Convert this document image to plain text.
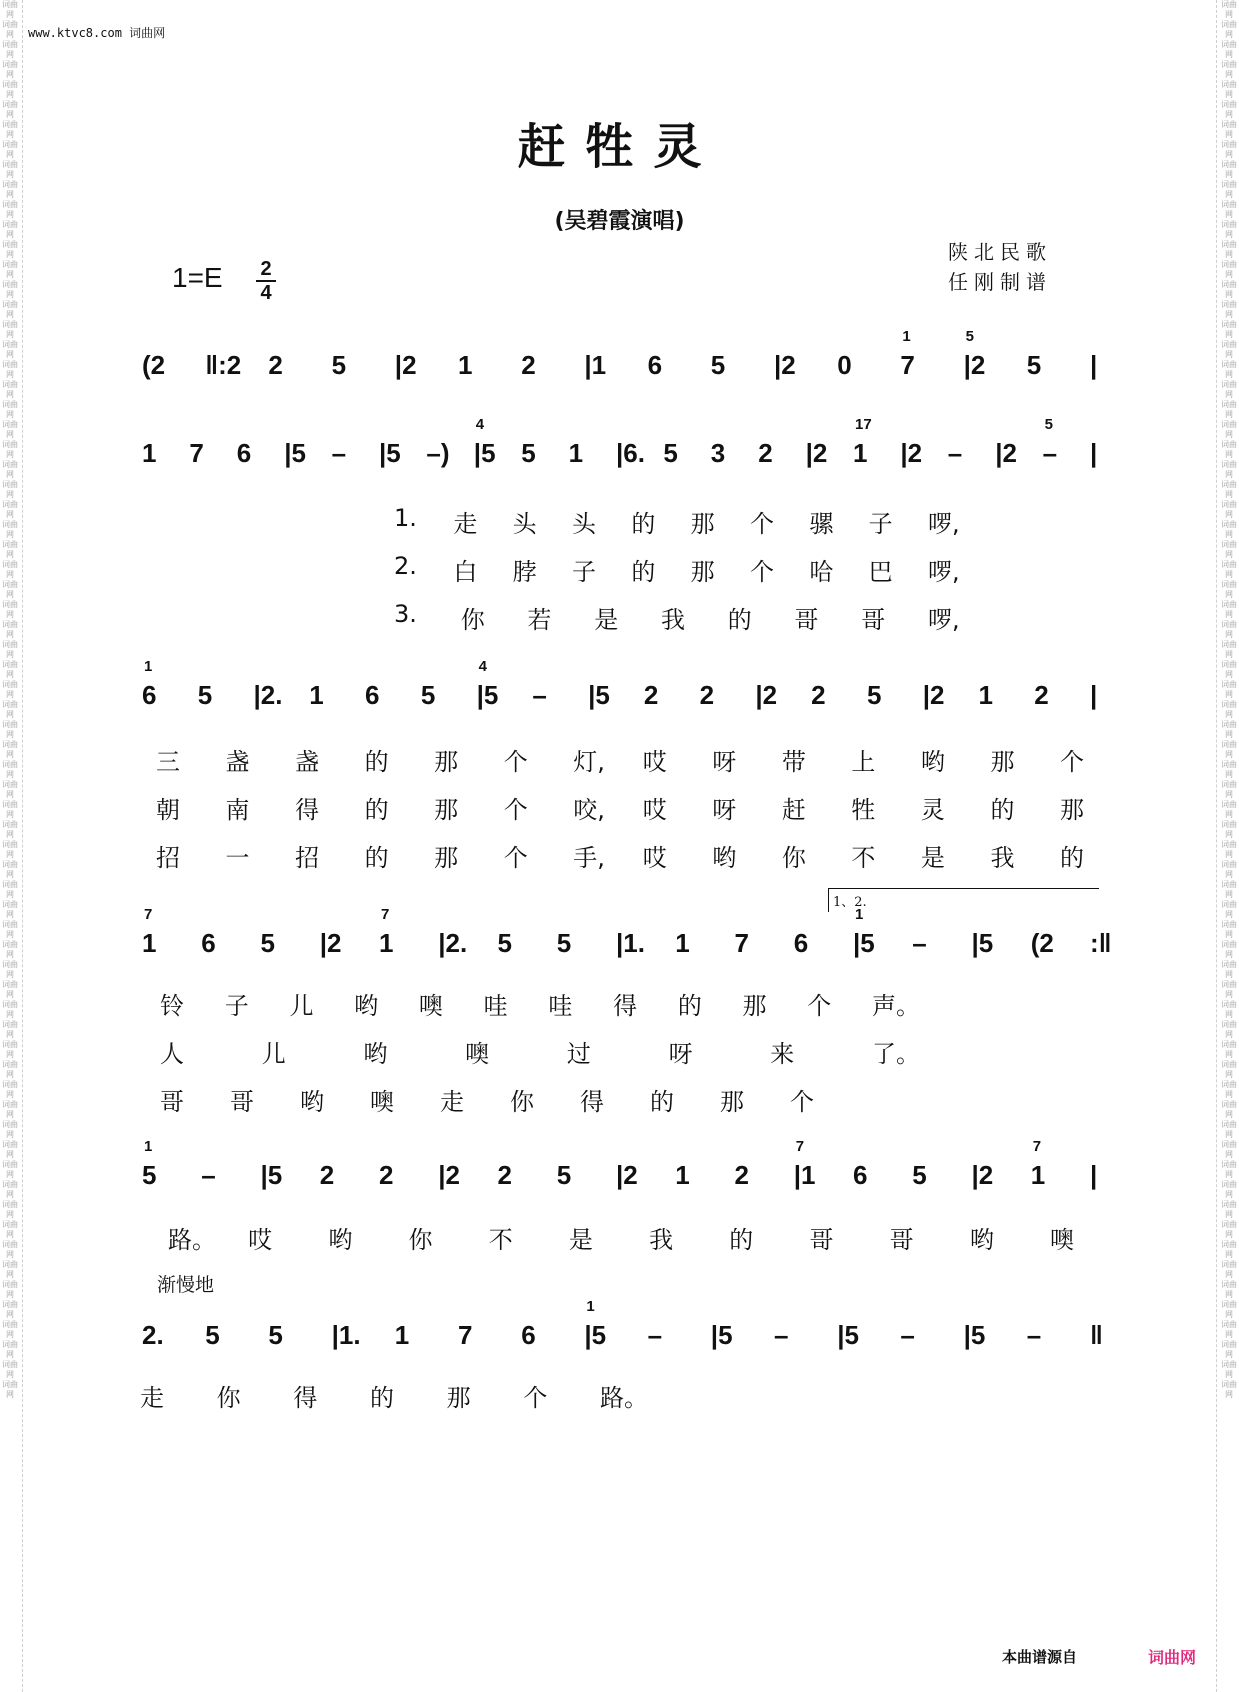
词曲网 词曲网 词曲网 词曲网 词曲网 词曲网 词曲网 词曲网 词曲网 词曲网 词曲网 词曲网 词曲网 词曲网 词曲网 词曲网 词曲网 词曲网 词曲网 词曲网 词曲网 词曲网 词曲网 词曲网 词曲网 词曲网 词曲网 词曲网 词曲网 词曲网 词曲网 词曲网 词曲网 词曲网 词曲网 词曲网 词曲网 词曲网 词曲网 词曲网 词曲网 词曲网 词曲网 词曲网 词曲网 词曲网 词曲网 词曲网 词曲网 词曲网 词曲网 词曲网 词曲网 词曲网 词曲网 词曲网 词曲网 词曲网 词曲网 词曲网 词曲网 词曲网 词曲网 词曲网 词曲网 词曲网 词曲网 词曲网 词曲网 词曲网
词曲网 词曲网 词曲网 词曲网 词曲网 词曲网 词曲网 词曲网 词曲网 词曲网 词曲网 词曲网 词曲网 词曲网 词曲网 词曲网 词曲网 词曲网 词曲网 词曲网 词曲网 词曲网 词曲网 词曲网 词曲网 词曲网 词曲网 词曲网 词曲网 词曲网 词曲网 词曲网 词曲网 词曲网 词曲网 词曲网 词曲网 词曲网 词曲网 词曲网 词曲网 词曲网 词曲网 词曲网 词曲网 词曲网 词曲网 词曲网 词曲网 词曲网 词曲网 词曲网 词曲网 词曲网 词曲网 词曲网 词曲网 词曲网 词曲网 词曲网 词曲网 词曲网 词曲网 词曲网 词曲网 词曲网 词曲网 词曲网 词曲网 词曲网
www.ktvc8.com 词曲网
赶牲灵
(吴碧霞演唱)
陕北民歌
任刚制谱
1=E 2
4
(2 ‖:2 2 5 |2 1 2 |1 6 5 |2 0 7
1
|2
5
5 |
1 7 6 |5 – |5 –) |5
4
5 1 |6. 5 3 2 |2 1
17
|2 – |2 –
5
|
6
1
5 |2. 1 6 5 |5
4
– |5 2 2 |2 2 5 |2 1 2 |
1
7
6 5 |2 1
7
|2. 5 5 |1. 1 7 6 |5
1
– |5 (2 :‖
5
1
– |5 2 2 |2 2 5 |2 1 2 |1
7
6 5 |2 1
7
|
2. 5 5 |1. 1 7 6 |5
1
– |5 – |5 – |5 – ‖
1、2.
1. 走 头 头 的 那 个 骡 子 啰,
2. 白 脖 子 的 那 个 哈 巴 啰,
3. 你 若 是 我 的 哥 哥 啰,
三 盏 盏 的 那 个 灯, 哎 呀 带 上 哟 那 个
朝 南 得 的 那 个 咬, 哎 呀 赶 牲 灵 的 那
招 一 招 的 那 个 手, 哎 哟 你 不 是 我 的
铃 子 儿 哟 噢 哇 哇 得 的 那 个 声。
人	儿	哟	噢	过	呀	来	了。
哥 哥 哟 噢 走 你 得 的 那 个
路。 哎 哟 你 不 是 我 的 哥 哥 哟 噢
走 你 得 的 那 个 路。
渐慢地
本曲谱源自	词曲网
